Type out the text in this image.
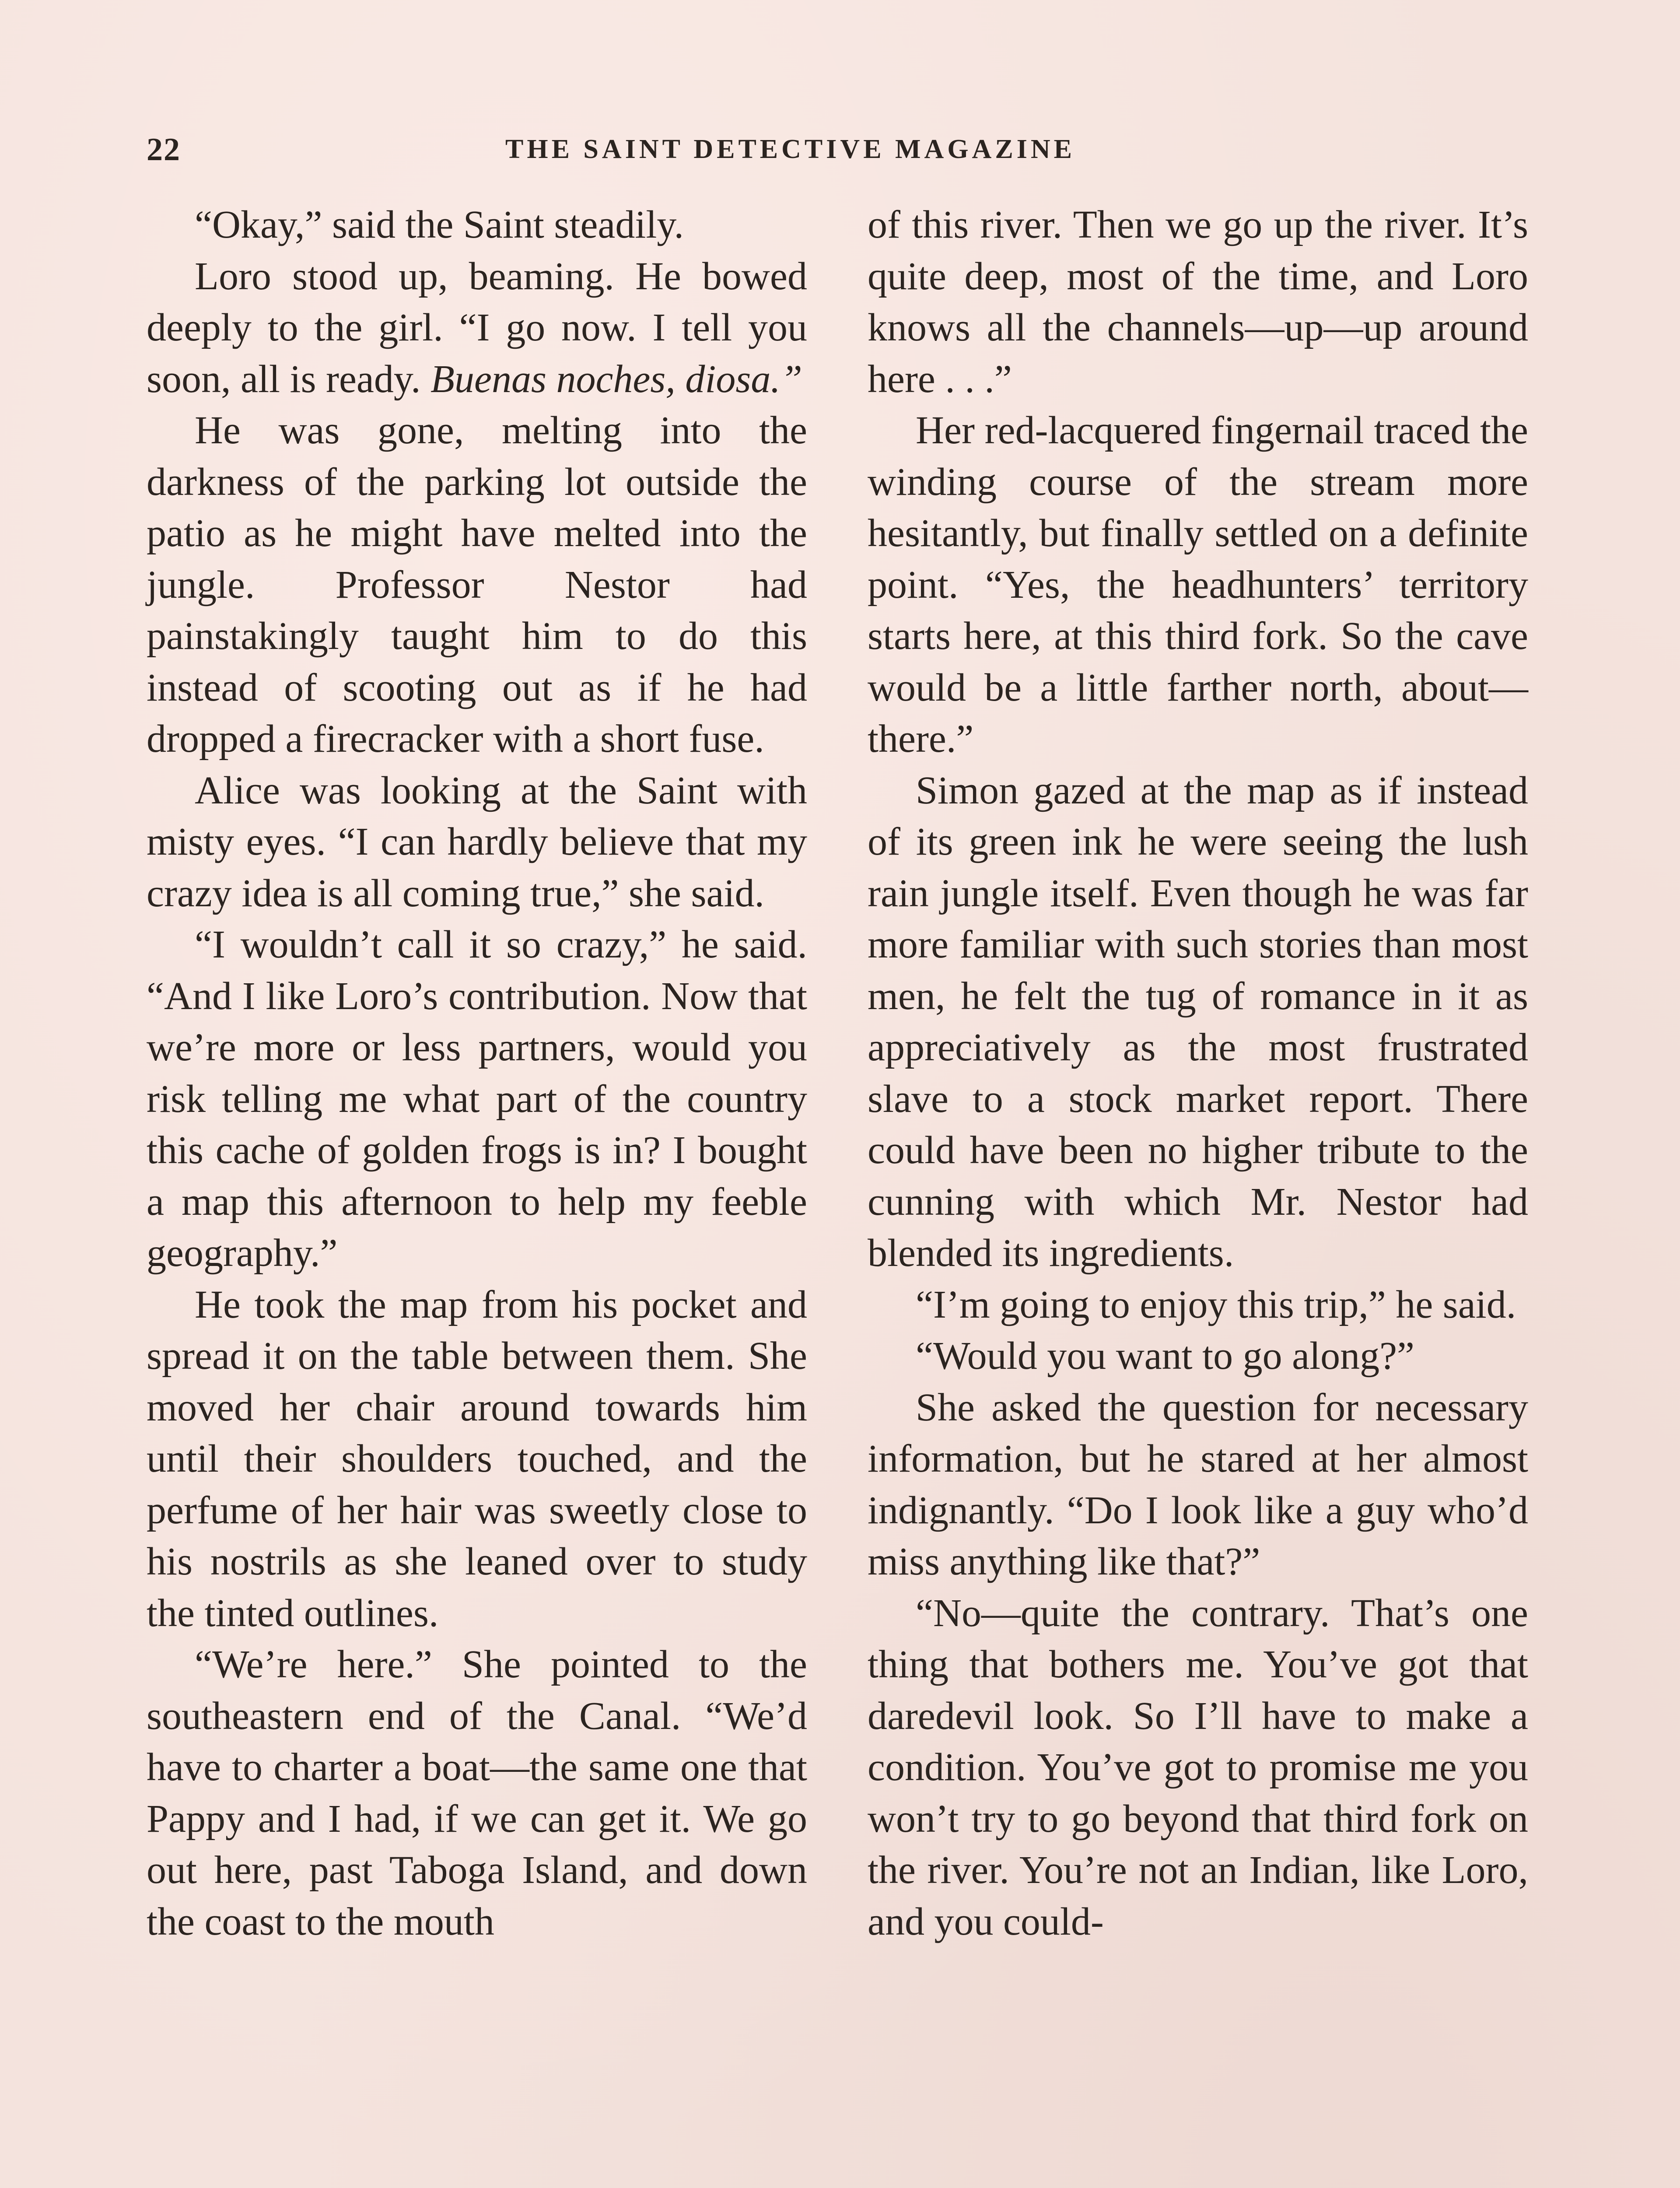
22	THE SAINT DETECTIVE MAGAZINE

“Okay,” said the Saint steadily.

Loro stood up, beaming. He bowed deeply to the girl. “I go now. I tell you soon, all is ready. Buenas noches, diosa.”

He was gone, melting into the darkness of the parking lot outside the patio as he might have melted into the jungle. Professor Nestor had painstakingly taught him to do this instead of scooting out as if he had dropped a firecracker with a short fuse.

Alice was looking at the Saint with misty eyes. “I can hardly believe that my crazy idea is all coming true,” she said.

“I wouldn’t call it so crazy,” he said. “And I like Loro’s contribution. Now that we’re more or less partners, would you risk telling me what part of the country this cache of golden frogs is in? I bought a map this afternoon to help my feeble geography.”

He took the map from his pocket and spread it on the table between them. She moved her chair around towards him until their shoulders touched, and the perfume of her hair was sweetly close to his nostrils as she leaned over to study the tinted outlines.

“We’re here.” She pointed to the southeastern end of the Canal. “We’d have to charter a boat—the same one that Pappy and I had, if we can get it. We go out here, past Taboga Island, and down the coast to the mouth

of this river. Then we go up the river. It’s quite deep, most of the time, and Loro knows all the channels—up—up around here . . .”

Her red-lacquered fingernail traced the winding course of the stream more hesitantly, but finally settled on a definite point. “Yes, the headhunters’ territory starts here, at this third fork. So the cave would be a little farther north, about—there.”

Simon gazed at the map as if instead of its green ink he were seeing the lush rain jungle itself. Even though he was far more familiar with such stories than most men, he felt the tug of romance in it as appreciatively as the most frustrated slave to a stock market report. There could have been no higher tribute to the cunning with which Mr. Nestor had blended its ingredients.

“I’m going to enjoy this trip,” he said.

“Would you want to go along?”

She asked the question for necessary information, but he stared at her almost indignantly. “Do I look like a guy who’d miss anything like that?”

“No—quite the contrary. That’s one thing that bothers me. You’ve got that daredevil look. So I’ll have to make a condition. You’ve got to promise me you won’t try to go beyond that third fork on the river. You’re not an Indian, like Loro, and you could-
